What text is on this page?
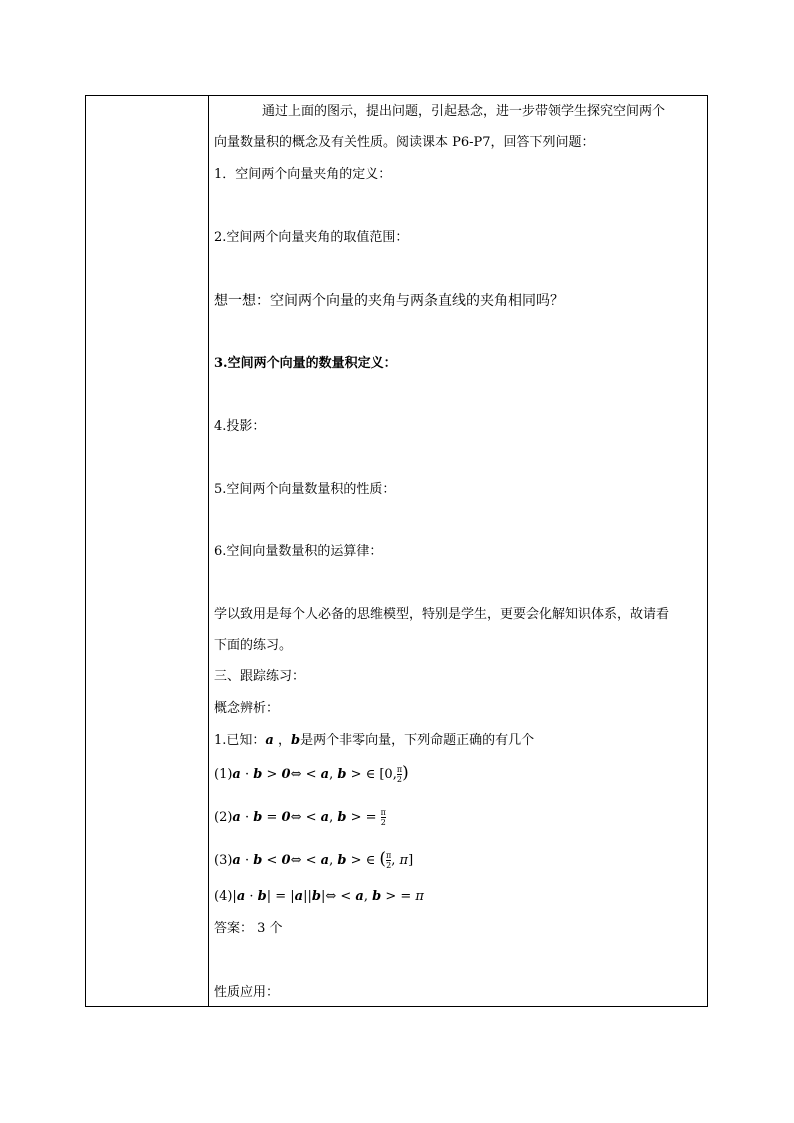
通过上面的图示，提出问题，引起悬念，进一步带领学生探究空间两个
向量数量积的概念及有关性质。阅读课本 P6-P7，回答下列问题：
1．空间两个向量夹角的定义：
2.空间两个向量夹角的取值范围：
想一想：空间两个向量的夹角与两条直线的夹角相同吗？
3.空间两个向量的数量积定义：
4.投影：
5.空间两个向量数量积的性质：
6.空间向量数量积的运算律：
学以致用是每个人必备的思维模型，特别是学生，更要会化解知识体系，故请看
下面的练习。
三、跟踪练习：
概念辨析：
1.已知：a ，b是两个非零向量，下列命题正确的有几个
(1)a · b > 0⇔ < a, b > ∈ [0, $\frac{\pi}{2}$ )
(2)a · b = 0⇔ < a, b > = $\frac{\pi}{2}$
(3)a · b < 0⇔ < a, b > ∈ ( $\frac{\pi}{2}$ , π]
(4)|a · b| = |a||b|⇔ < a, b > = π
答案： 3 个
性质应用：
